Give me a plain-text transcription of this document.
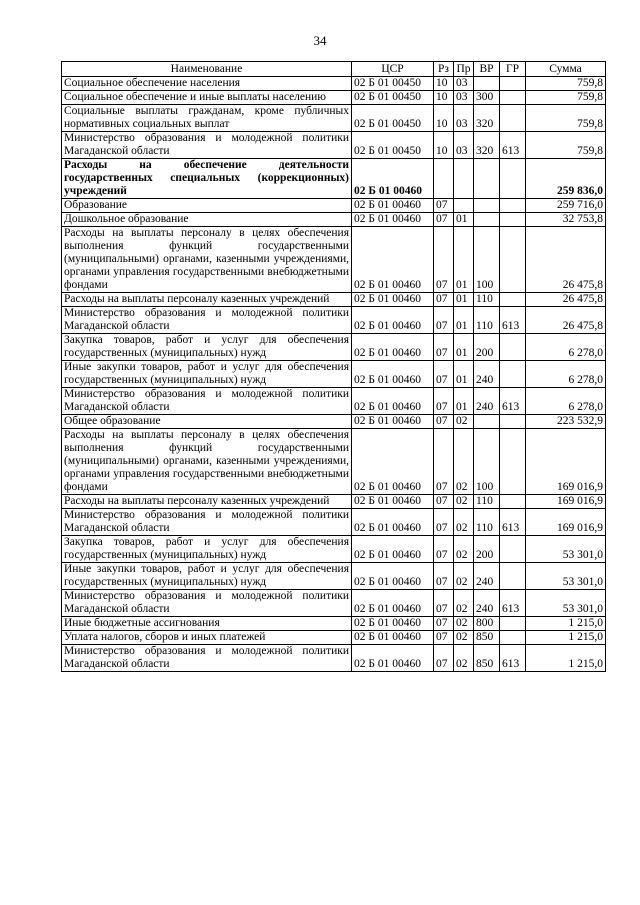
34
Наименование	ЦСР	Рз	Пр	ВР	ГР	Сумма
Социальное обеспечение населения	02 Б 01 00450	10	03			759,8
Социальное обеспечение и иные выплаты населению	02 Б 01 00450	10	03	300		759,8
Социальные выплаты гражданам, кроме публичных нормативных социальных выплат	02 Б 01 00450	10	03	320		759,8
Министерство образования и молодежной политики Магаданской области	02 Б 01 00450	10	03	320	613	759,8
Расходы на обеспечение деятельности государственных специальных (коррекционных) учреждений	02 Б 01 00460					259 836,0
Образование	02 Б 01 00460	07				259 716,0
Дошкольное образование	02 Б 01 00460	07	01			32 753,8
Расходы на выплаты персоналу в целях обеспечения выполнения функций государственными (муниципальными) органами, казенными учреждениями, органами управления государственными внебюджетными фондами	02 Б 01 00460	07	01	100		26 475,8
Расходы на выплаты персоналу казенных учреждений	02 Б 01 00460	07	01	110		26 475,8
Министерство образования и молодежной политики Магаданской области	02 Б 01 00460	07	01	110	613	26 475,8
Закупка товаров, работ и услуг для обеспечения государственных (муниципальных) нужд	02 Б 01 00460	07	01	200		6 278,0
Иные закупки товаров, работ и услуг для обеспечения государственных (муниципальных) нужд	02 Б 01 00460	07	01	240		6 278,0
Министерство образования и молодежной политики Магаданской области	02 Б 01 00460	07	01	240	613	6 278,0
Общее образование	02 Б 01 00460	07	02			223 532,9
Расходы на выплаты персоналу в целях обеспечения выполнения функций государственными (муниципальными) органами, казенными учреждениями, органами управления государственными внебюджетными фондами	02 Б 01 00460	07	02	100		169 016,9
Расходы на выплаты персоналу казенных учреждений	02 Б 01 00460	07	02	110		169 016,9
Министерство образования и молодежной политики Магаданской области	02 Б 01 00460	07	02	110	613	169 016,9
Закупка товаров, работ и услуг для обеспечения государственных (муниципальных) нужд	02 Б 01 00460	07	02	200		53 301,0
Иные закупки товаров, работ и услуг для обеспечения государственных (муниципальных) нужд	02 Б 01 00460	07	02	240		53 301,0
Министерство образования и молодежной политики Магаданской области	02 Б 01 00460	07	02	240	613	53 301,0
Иные бюджетные ассигнования	02 Б 01 00460	07	02	800		1 215,0
Уплата налогов, сборов и иных платежей	02 Б 01 00460	07	02	850		1 215,0
Министерство образования и молодежной политики Магаданской области	02 Б 01 00460	07	02	850	613	1 215,0
